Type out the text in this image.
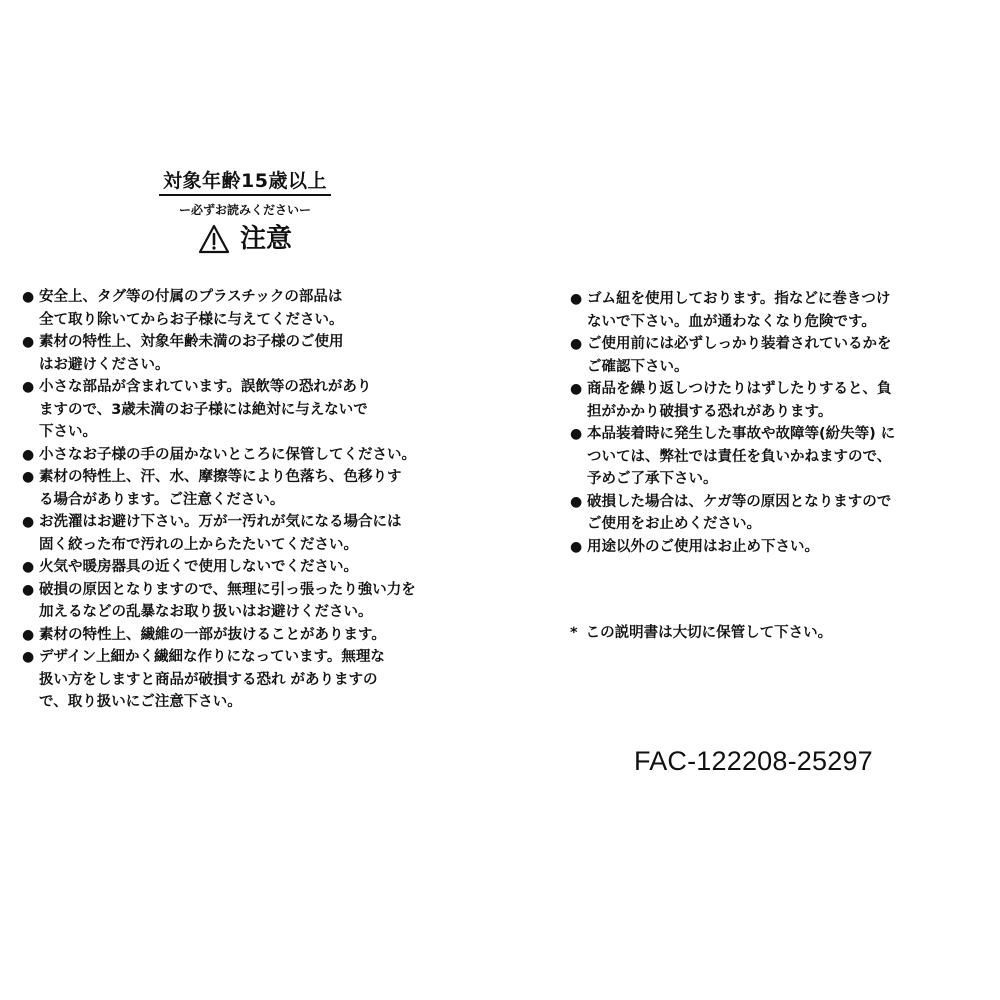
対象年齢15歳以上
ー必ずお読みくださいー
注意
● 安全上、タグ等の付属のプラスチックの部品は
全て取り除いてからお子様に与えてください。
● 素材の特性上、対象年齢未満のお子様のご使用
はお避けください。
● 小さな部品が含まれています。誤飲等の恐れがあり
ますので、3歳未満のお子様には絶対に与えないで
下さい。
● 小さなお子様の手の届かないところに保管してください。
● 素材の特性上、汗、水、摩擦等により色落ち、色移りす
る場合があります。ご注意ください。
● お洗濯はお避け下さい。万が一汚れが気になる場合には
固く絞った布で汚れの上からたたいてください。
● 火気や暖房器具の近くで使用しないでください。
● 破損の原因となりますので、無理に引っ張ったり強い力を
加えるなどの乱暴なお取り扱いはお避けください。
● 素材の特性上、繊維の一部が抜けることがあります。
● デザイン上細かく繊細な作りになっています。無理な
扱い方をしますと商品が破損する恐れ がありますの
で、取り扱いにご注意下さい。
● ゴム紐を使用しております。指などに巻きつけ
ないで下さい。血が通わなくなり危険です。
● ご使用前には必ずしっかり装着されているかを
ご確認下さい。
● 商品を繰り返しつけたりはずしたりすると、負
担がかかり破損する恐れがあります。
● 本品装着時に発生した事故や故障等(紛失等) に
ついては、弊社では責任を負いかねますので、
予めご了承下さい。
● 破損した場合は、ケガ等の原因となりますので
ご使用をお止めください。
● 用途以外のご使用はお止め下さい。
* この説明書は大切に保管して下さい。
FAC-122208-25297
